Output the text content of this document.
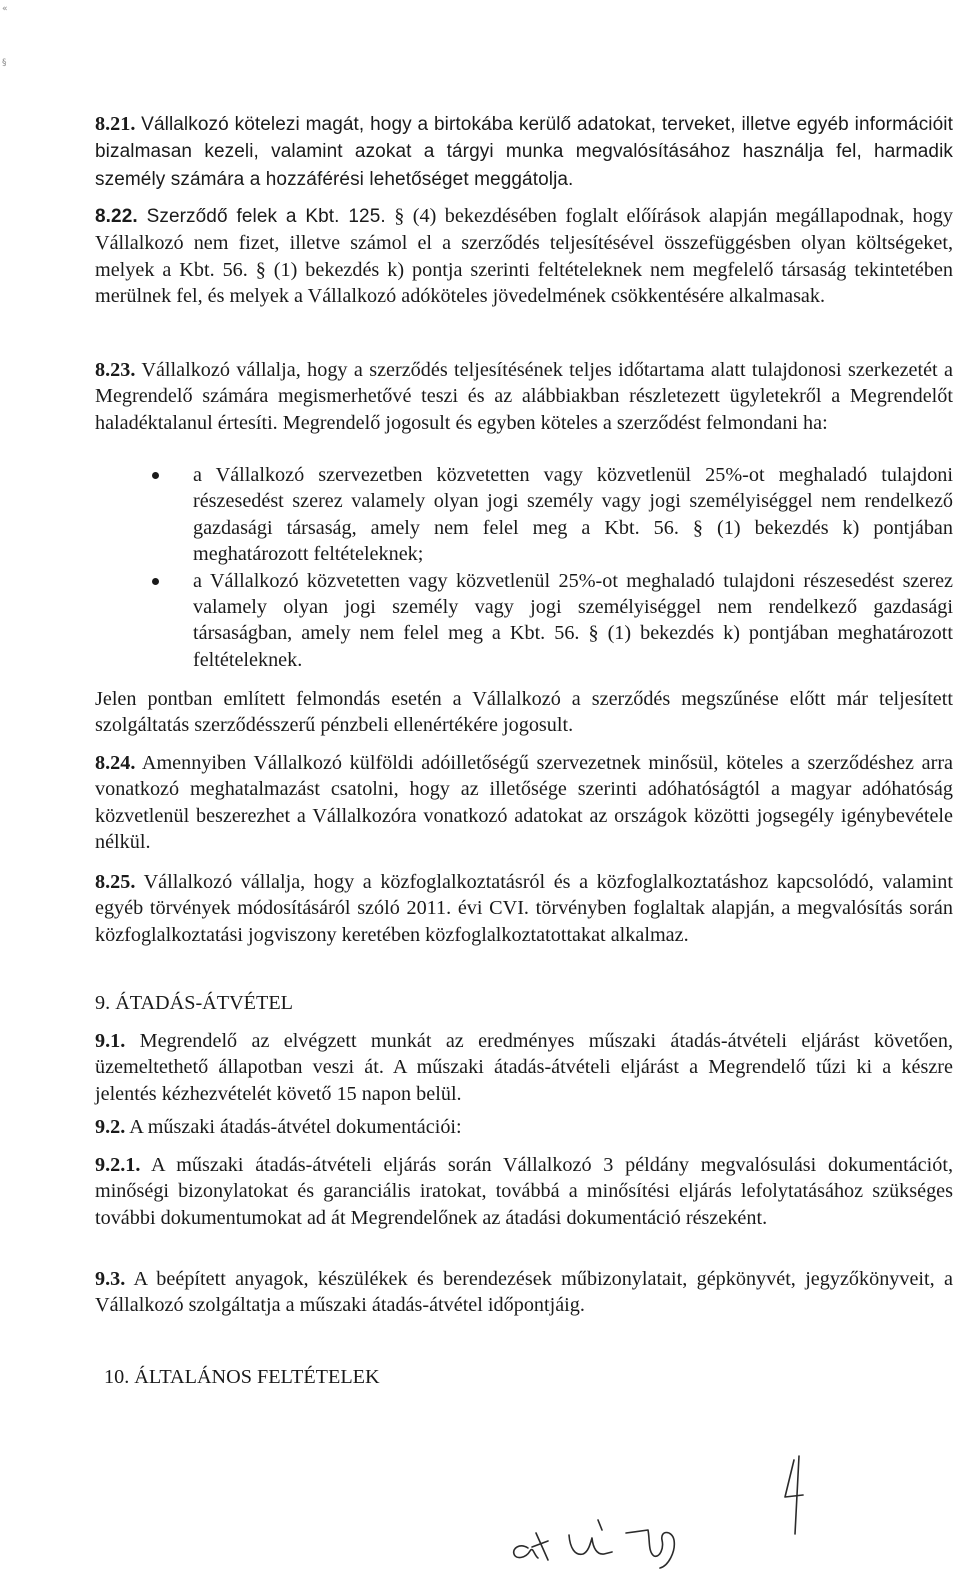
«
§

8.21. Vállalkozó kötelezi magát, hogy a birtokába kerülő adatokat, terveket, illetve egyéb információit bizalmasan kezeli, valamint azokat a tárgyi munka megvalósításához használja fel, harmadik személy számára a hozzáférési lehetőséget meggátolja.

8.22. Szerződő felek a Kbt. 125. § (4) bekezdésében foglalt előírások alapján megállapodnak, hogy Vállalkozó nem fizet, illetve számol el a szerződés teljesítésével összefüggésben olyan költségeket, melyek a Kbt. 56. § (1) bekezdés k) pontja szerinti feltételeknek nem megfelelő társaság tekintetében merülnek fel, és melyek a Vállalkozó adóköteles jövedelmének csökkentésére alkalmasak.

8.23. Vállalkozó vállalja, hogy a szerződés teljesítésének teljes időtartama alatt tulajdonosi szerkezetét a Megrendelő számára megismerhetővé teszi és az alábbiakban részletezett ügyletekről a Megrendelőt haladéktalanul értesíti. Megrendelő jogosult és egyben köteles a szerződést felmondani ha:

a Vállalkozó szervezetben közvetetten vagy közvetlenül 25%-ot meghaladó tulajdoni részesedést szerez valamely olyan jogi személy vagy jogi személyiséggel nem rendelkező gazdasági társaság, amely nem felel meg a Kbt. 56. § (1) bekezdés k) pontjában meghatározott feltételeknek;
a Vállalkozó közvetetten vagy közvetlenül 25%-ot meghaladó tulajdoni részesedést szerez valamely olyan jogi személy vagy jogi személyiséggel nem rendelkező gazdasági társaságban, amely nem felel meg a Kbt. 56. § (1) bekezdés k) pontjában meghatározott feltételeknek.

Jelen pontban említett felmondás esetén a Vállalkozó a szerződés megszűnése előtt már teljesített szolgáltatás szerződésszerű pénzbeli ellenértékére jogosult.

8.24. Amennyiben Vállalkozó külföldi adóilletőségű szervezetnek minősül, köteles a szerződéshez arra vonatkozó meghatalmazást csatolni, hogy az illetősége szerinti adóhatóságtól a magyar adóhatóság közvetlenül beszerezhet a Vállalkozóra vonatkozó adatokat az országok közötti jogsegély igénybevétele nélkül.

8.25. Vállalkozó vállalja, hogy a közfoglalkoztatásról és a közfoglalkoztatáshoz kapcsolódó, valamint egyéb törvények módosításáról szóló 2011. évi CVI. törvényben foglaltak alapján, a megvalósítás során közfoglalkoztatási jogviszony keretében közfoglalkoztatottakat alkalmaz.

9. ÁTADÁS-ÁTVÉTEL

9.1. Megrendelő az elvégzett munkát az eredményes műszaki átadás-átvételi eljárást követően, üzemeltethető állapotban veszi át. A műszaki átadás-átvételi eljárást a Megrendelő tűzi ki a készre jelentés kézhezvételét követő 15 napon belül.

9.2. A műszaki átadás-átvétel dokumentációi:

9.2.1. A műszaki átadás-átvételi eljárás során Vállalkozó 3 példány megvalósulási dokumentációt, minőségi bizonylatokat és garanciális iratokat, továbbá a minősítési eljárás lefolytatásához szükséges további dokumentumokat ad át Megrendelőnek az átadási dokumentáció részeként.

9.3. A beépített anyagok, készülékek és berendezések műbizonylatait, gépkönyvét, jegyzőkönyveit, a Vállalkozó szolgáltatja a műszaki átadás-átvétel időpontjáig.

10. ÁLTALÁNOS FELTÉTELEK
